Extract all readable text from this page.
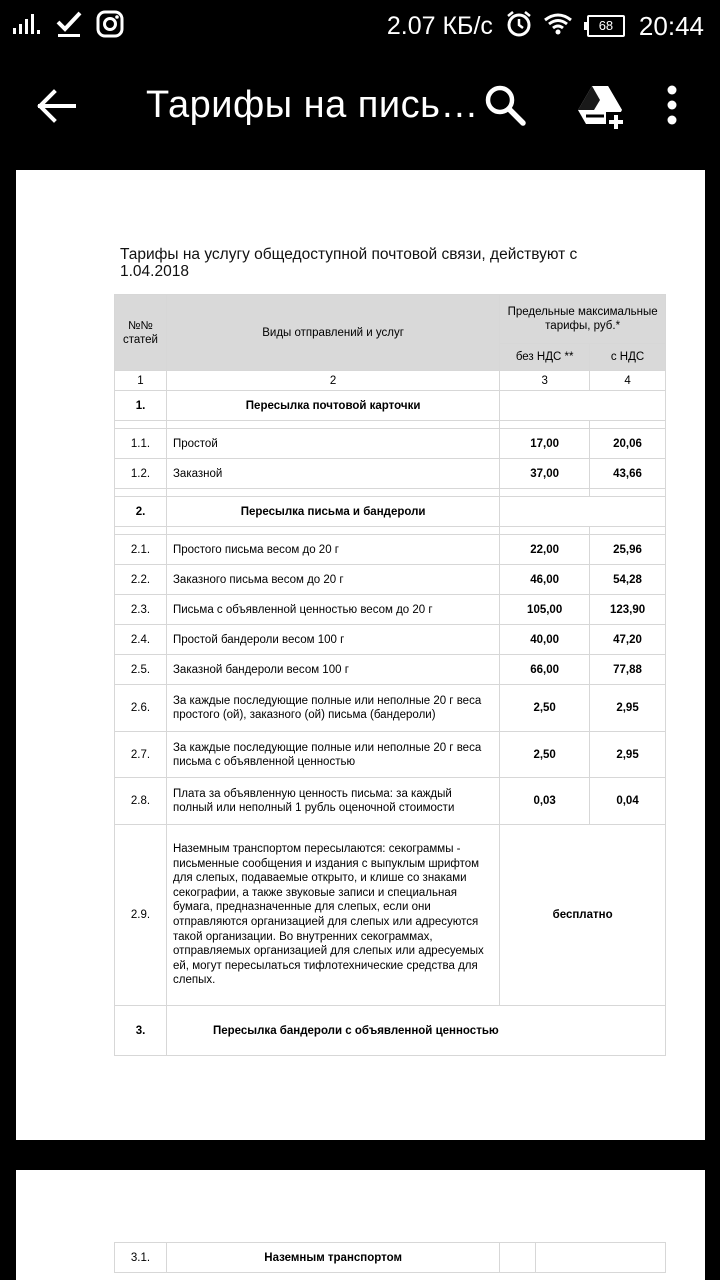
2.07 КБ/с	68 20:44
Тарифы на пись…
Тарифы на услугу общедоступной почтовой связи, действуют с 1.04.2018
№№ статей	Виды отправлений и услуг	Предельные максимальные тарифы, руб.*	
		без НДС **	с НДС
1	2	3	4
1.	Пересылка почтовой карточки		

1.1.	Простой	17,00	20,06
1.2.	Заказной	37,00	43,66

2.	Пересылка письма и бандероли		

2.1.	Простого письма весом до 20 г	22,00	25,96
2.2.	Заказного письма весом до 20 г	46,00	54,28
2.3.	Письма с объявленной ценностью весом до 20 г	105,00	123,90
2.4.	Простой бандероли весом 100 г	40,00	47,20
2.5.	Заказной бандероли весом 100 г	66,00	77,88
2.6.	За каждые последующие полные или неполные 20 г веса простого (ой), заказного (ой) письма (бандероли)	2,50	2,95
2.7.	За каждые последующие полные или неполные 20 г веса письма с объявленной ценностью	2,50	2,95
2.8.	Плата за объявленную ценность письма: за каждый полный или неполный 1 рубль оценочной стоимости	0,03	0,04
2.9.	Наземным транспортом пересылаются: секограммы - письменные сообщения и издания с выпуклым шрифтом для слепых, подаваемые открыто, и клише со знаками секографии, а также звуковые записи и специальная бумага, предназначенные для слепых, если они отправляются организацией для слепых или адресуются такой организации. Во внутренних секограммах, отправляемых организацией для слепых или адресуемых ей, могут пересылаться тифлотехнические средства для слепых.	бесплатно	
3.	Пересылка бандероли с объявленной ценностью		
3.1.	Наземным транспортом		
